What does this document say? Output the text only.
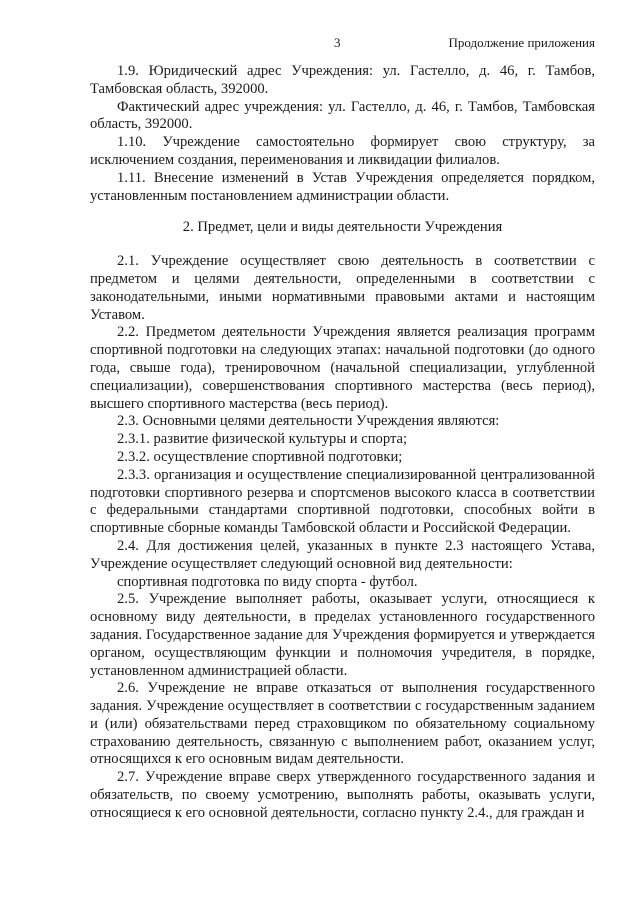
3	Продолжение приложения

1.9. Юридический адрес Учреждения: ул. Гастелло, д. 46, г. Тамбов, Тамбовская область, 392000.

Фактический адрес учреждения: ул. Гастелло, д. 46, г. Тамбов, Тамбовская область, 392000.

1.10. Учреждение самостоятельно формирует свою структуру, за исключением создания, переименования и ликвидации филиалов.

1.11. Внесение изменений в Устав Учреждения определяется порядком, установленным постановлением администрации области.

2. Предмет, цели и виды деятельности Учреждения

2.1. Учреждение осуществляет свою деятельность в соответствии с предметом и целями деятельности, определенными в соответствии с законодательными, иными нормативными правовыми актами и настоящим Уставом.

2.2. Предметом деятельности Учреждения является реализация программ спортивной подготовки на следующих этапах: начальной подготовки (до одного года, свыше года), тренировочном (начальной специализации, углубленной специализации), совершенствования спортивного мастерства (весь период), высшего спортивного мастерства (весь период).

2.3. Основными целями деятельности Учреждения являются:

2.3.1. развитие физической культуры и спорта;

2.3.2. осуществление спортивной подготовки;

2.3.3. организация и осуществление специализированной централизованной подготовки спортивного резерва и спортсменов высокого класса в соответствии с федеральными стандартами спортивной подготовки, способных войти в спортивные сборные команды Тамбовской области и Российской Федерации.

2.4. Для достижения целей, указанных в пункте 2.3 настоящего Устава, Учреждение осуществляет следующий основной вид деятельности:

спортивная подготовка по виду спорта - футбол.

2.5. Учреждение выполняет работы, оказывает услуги, относящиеся к основному виду деятельности, в пределах установленного государственного задания. Государственное задание для Учреждения формируется и утверждается органом, осуществляющим функции и полномочия учредителя, в порядке, установленном администрацией области.

2.6. Учреждение не вправе отказаться от выполнения государственного задания. Учреждение осуществляет в соответствии с государственным заданием и (или) обязательствами перед страховщиком по обязательному социальному страхованию деятельность, связанную с выполнением работ, оказанием услуг, относящихся к его основным видам деятельности.

2.7. Учреждение вправе сверх утвержденного государственного задания и обязательств, по своему усмотрению, выполнять работы, оказывать услуги, относящиеся к его основной деятельности, согласно пункту 2.4., для граждан и
